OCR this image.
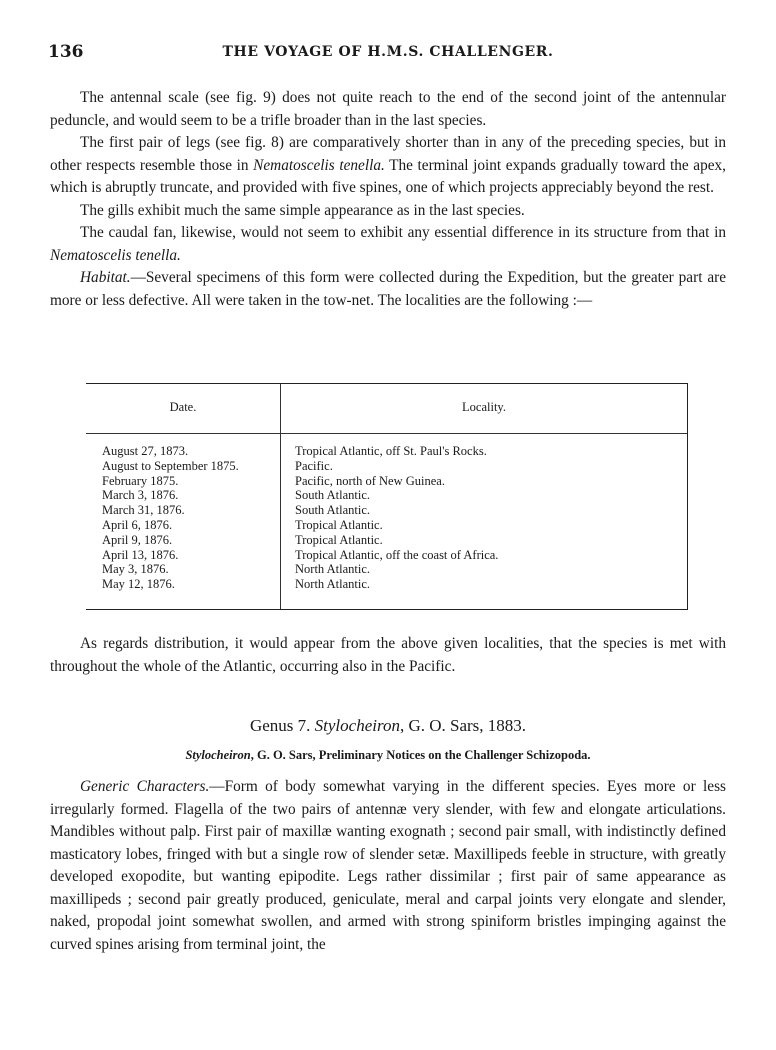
136	THE VOYAGE OF H.M.S. CHALLENGER.

The antennal scale (see fig. 9) does not quite reach to the end of the second joint of the antennular peduncle, and would seem to be a trifle broader than in the last species.

The first pair of legs (see fig. 8) are comparatively shorter than in any of the preceding species, but in other respects resemble those in Nematoscelis tenella. The terminal joint expands gradually toward the apex, which is abruptly truncate, and provided with five spines, one of which projects appreciably beyond the rest.

The gills exhibit much the same simple appearance as in the last species.

The caudal fan, likewise, would not seem to exhibit any essential difference in its structure from that in Nematoscelis tenella.

Habitat.—Several specimens of this form were collected during the Expedition, but the greater part are more or less defective. All were taken in the tow-net. The localities are the following :—

Date.	Locality.
August 27, 1873.
August to September 1875.
February 1875.
March 3, 1876.
March 31, 1876.
April 6, 1876.
April 9, 1876.
April 13, 1876.
May 3, 1876.
May 12, 1876.
Tropical Atlantic, off St. Paul's Rocks.
Pacific.
Pacific, north of New Guinea.
South Atlantic.
South Atlantic.
Tropical Atlantic.
Tropical Atlantic.
Tropical Atlantic, off the coast of Africa.
North Atlantic.
North Atlantic.

As regards distribution, it would appear from the above given localities, that the species is met with throughout the whole of the Atlantic, occurring also in the Pacific.

Genus 7. Stylocheiron, G. O. Sars, 1883.
Stylocheiron, G. O. Sars, Preliminary Notices on the Challenger Schizopoda.

Generic Characters.—Form of body somewhat varying in the different species. Eyes more or less irregularly formed. Flagella of the two pairs of antennæ very slender, with few and elongate articulations. Mandibles without palp. First pair of maxillæ wanting exognath ; second pair small, with indistinctly defined masticatory lobes, fringed with but a single row of slender setæ. Maxillipeds feeble in structure, with greatly developed exopodite, but wanting epipodite. Legs rather dissimilar ; first pair of same appearance as maxillipeds ; second pair greatly produced, geniculate, meral and carpal joints very elongate and slender, naked, propodal joint somewhat swollen, and armed with strong spiniform bristles impinging against the curved spines arising from terminal joint, the
